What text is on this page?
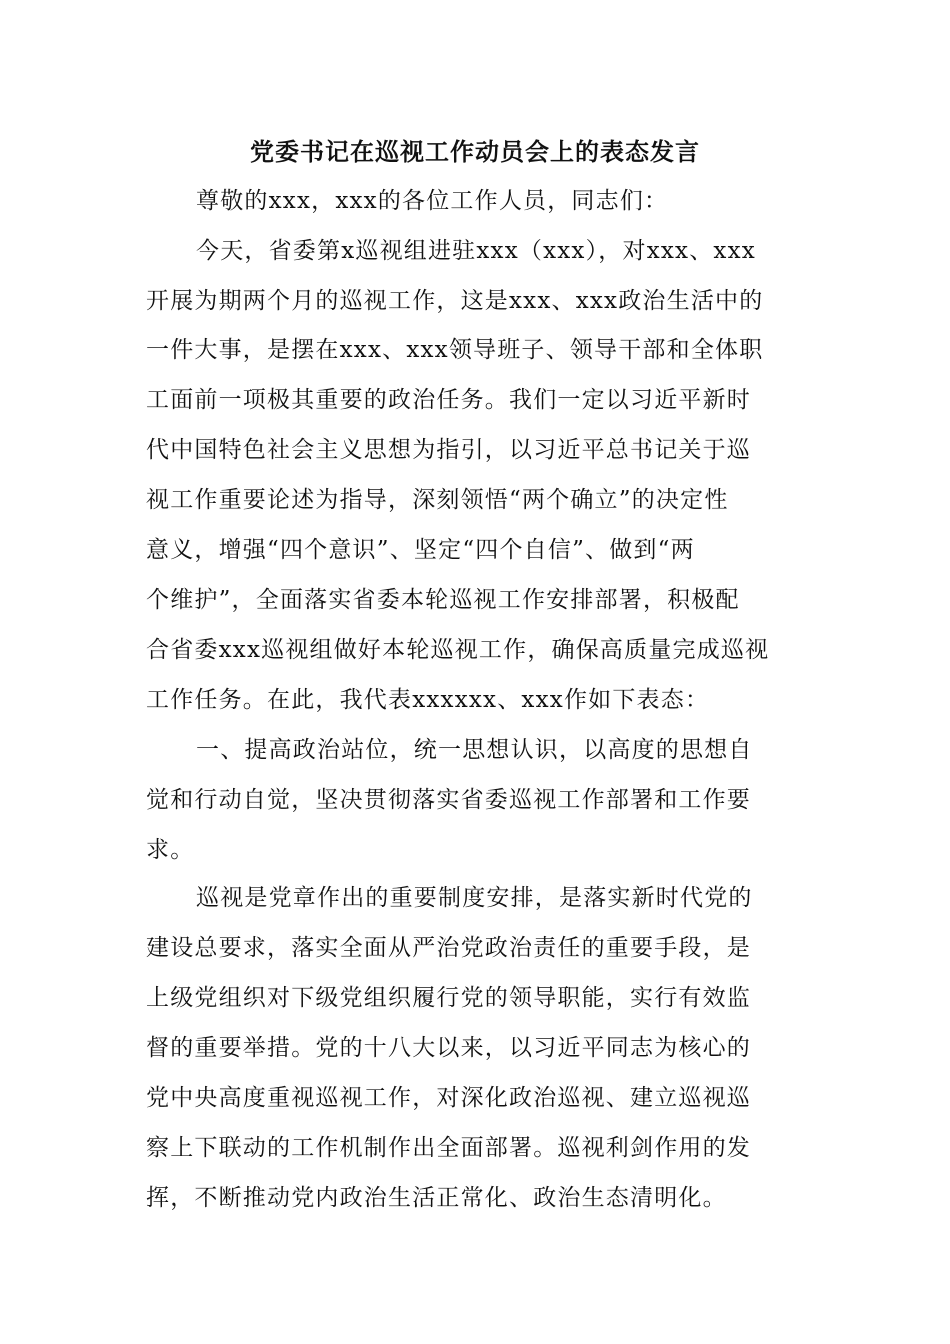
党委书记在巡视工作动员会上的表态发言
尊敬的xxx，xxx的各位工作人员，同志们：
今天，省委第x巡视组进驻xxx（xxx），对xxx、xxx
开展为期两个月的巡视工作，这是xxx、xxx政治生活中的
一件大事，是摆在xxx、xxx领导班子、领导干部和全体职
工面前一项极其重要的政治任务。我们一定以习近平新时
代中国特色社会主义思想为指引，以习近平总书记关于巡
视工作重要论述为指导，深刻领悟“两个确立”的决定性
意义，增强“四个意识”、坚定“四个自信”、做到“两
个维护”，全面落实省委本轮巡视工作安排部署，积极配
合省委xxx巡视组做好本轮巡视工作，确保高质量完成巡视
工作任务。在此，我代表xxxxxx、xxx作如下表态：
一、提高政治站位，统一思想认识，以高度的思想自
觉和行动自觉，坚决贯彻落实省委巡视工作部署和工作要
求。
巡视是党章作出的重要制度安排，是落实新时代党的
建设总要求，落实全面从严治党政治责任的重要手段，是
上级党组织对下级党组织履行党的领导职能，实行有效监
督的重要举措。党的十八大以来，以习近平同志为核心的
党中央高度重视巡视工作，对深化政治巡视、建立巡视巡
察上下联动的工作机制作出全面部署。巡视利剑作用的发
挥，不断推动党内政治生活正常化、政治生态清明化。
